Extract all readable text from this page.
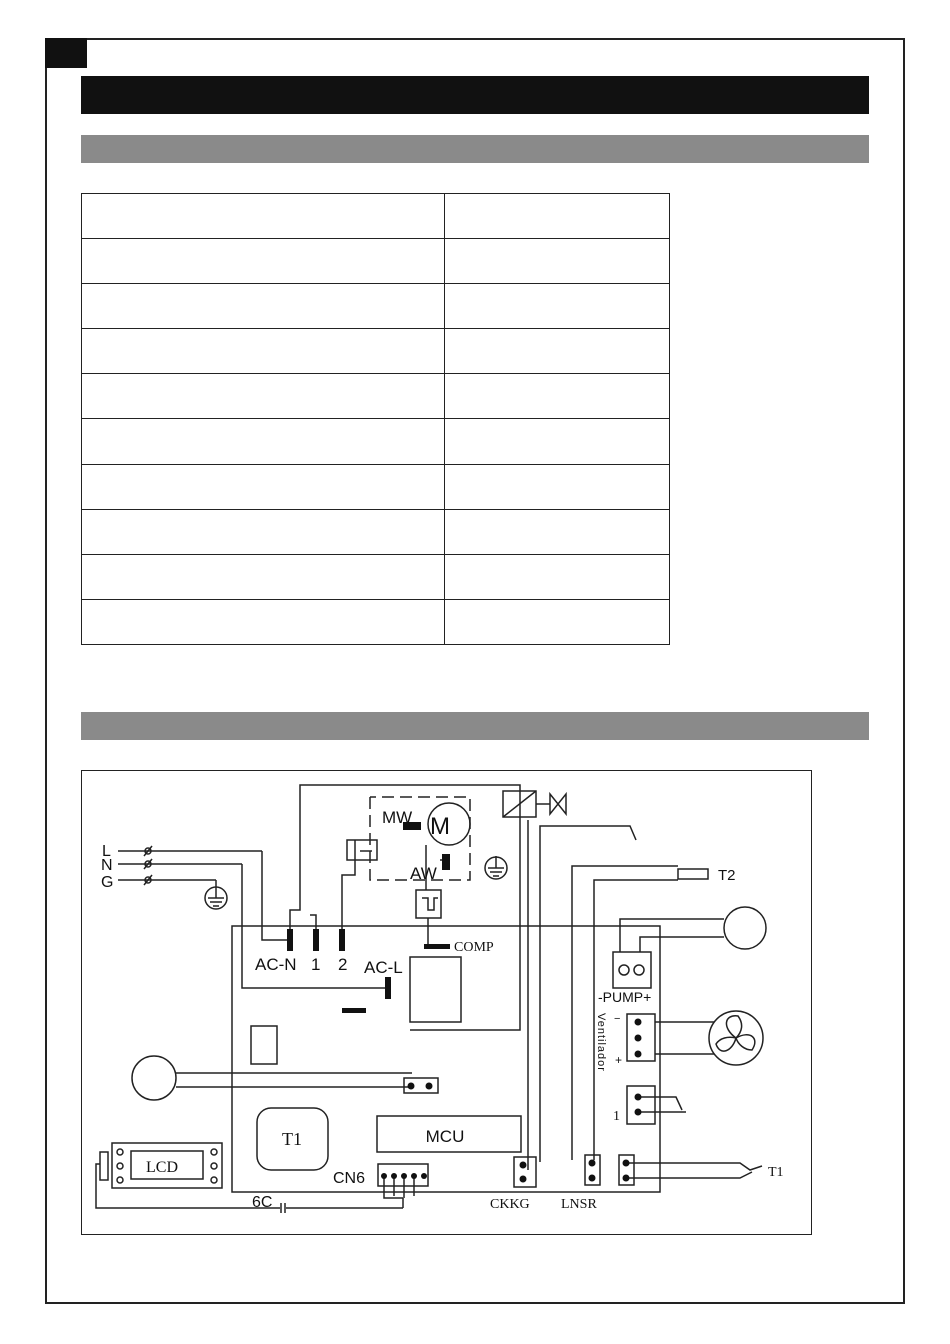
L
N
G
MW M
AW
COMP
T2
AC-N 1 2 AC-L
-PUMP+
Ventilador −
+
1
T1	MCU
LCD
CN6
6C	CKKG LNSR
T1
